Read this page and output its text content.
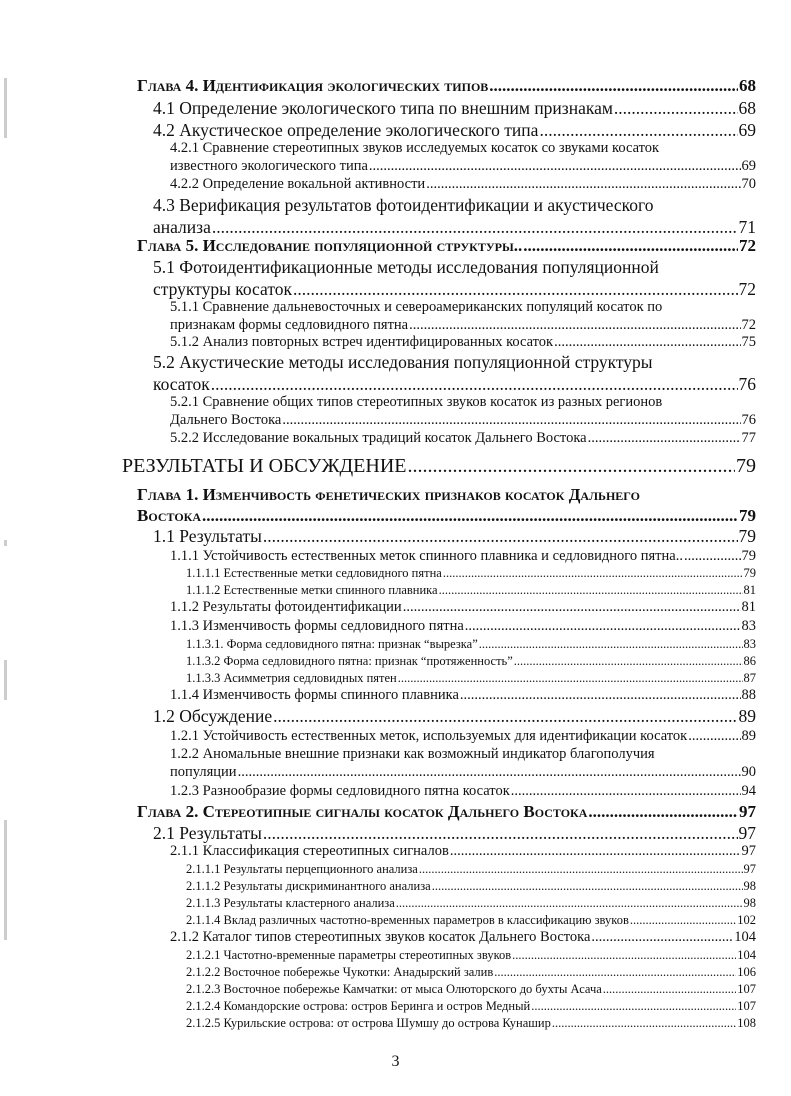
Глава 4. Идентификация экологических типов .....	68
4.1 Определение экологического типа по внешним признакам .....	68
4.2 Акустическое определение экологического типа .....	69
4.2.1 Сравнение стереотипных звуков исследуемых косаток со звуками косаток
известного экологического типа .....	69
4.2.2 Определение вокальной активности .....	70
4.3 Верификация результатов фотоидентификации и акустического
анализа .....	71
Глава 5. Исследование популяционной структуры.. .....	72
5.1 Фотоидентификационные методы исследования популяционной
структуры косаток .....	72
5.1.1 Сравнение дальневосточных и североамериканских популяций косаток по
признакам формы седловидного пятна .....	72
5.1.2 Анализ повторных встреч идентифицированных косаток .....	75
5.2 Акустические методы исследования популяционной структуры
косаток .....	76
5.2.1 Сравнение общих типов стереотипных звуков косаток из разных регионов
Дальнего Востока .....	76
5.2.2 Исследование вокальных традиций косаток Дальнего Востока .....	77
РЕЗУЛЬТАТЫ И ОБСУЖДЕНИЕ .....	79
Глава 1. Изменчивость фенетических признаков косаток Дальнего
Востока .....	79
1.1 Результаты .....	79
1.1.1 Устойчивость естественных меток спинного плавника и седловидного пятна.. .....	79
1.1.1.1 Естественные метки седловидного пятна .....	79
1.1.1.2 Естественные метки спинного плавника .....	81
1.1.2 Результаты фотоидентификации .....	81
1.1.3 Изменчивость формы седловидного пятна .....	83
1.1.3.1. Форма седловидного пятна: признак “вырезка” .....	83
1.1.3.2 Форма седловидного пятна: признак “протяженность” .....	86
1.1.3.3 Асимметрия седловидных пятен .....	87
1.1.4 Изменчивость формы спинного плавника .....	88
1.2 Обсуждение .....	89
1.2.1 Устойчивость естественных меток, используемых для идентификации косаток .....	89
1.2.2 Аномальные внешние признаки как возможный индикатор благополучия
популяции .....	90
1.2.3 Разнообразие формы седловидного пятна косаток .....	94
Глава 2. Стереотипные сигналы косаток Дальнего Востока .....	97
2.1 Результаты .....	97
2.1.1 Классификация стереотипных сигналов .....	97
2.1.1.1 Результаты перцепционного анализа .....	97
2.1.1.2 Результаты дискриминантного анализа .....	98
2.1.1.3 Результаты кластерного анализа .....	98
2.1.1.4 Вклад различных частотно-временных параметров в классификацию звуков .....	102
2.1.2 Каталог типов стереотипных звуков косаток Дальнего Востока .....	104
2.1.2.1 Частотно-временные параметры стереотипных звуков .....	104
2.1.2.2 Восточное побережье Чукотки: Анадырский залив .....	106
2.1.2.3 Восточное побережье Камчатки: от мыса Олюторского до бухты Асача .....	107
2.1.2.4 Командорские острова: остров Беринга и остров Медный .....	107
2.1.2.5 Курильские острова: от острова Шумшу до острова Кунашир .....	108
3
